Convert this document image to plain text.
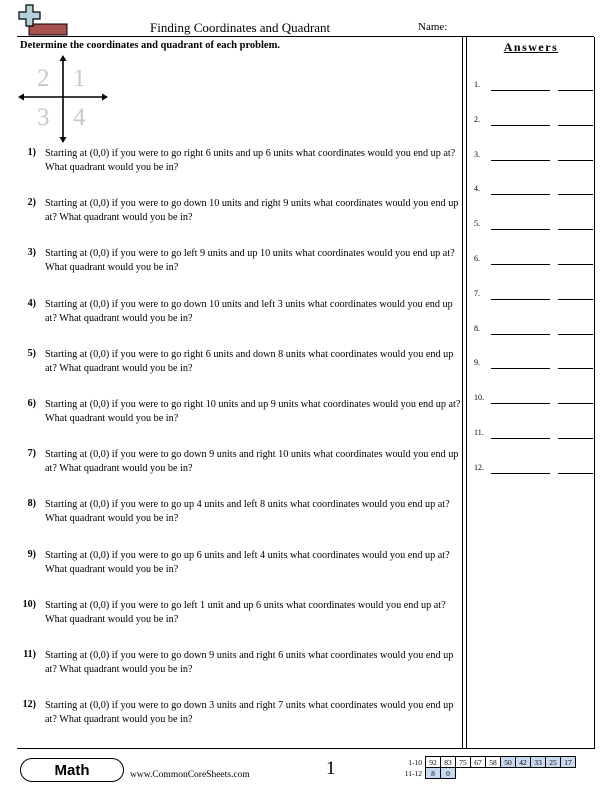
Finding Coordinates and Quadrant	Name:
Determine the coordinates and quadrant of each problem.
2 1
3 4
1) Starting at (0,0) if you were to go right 6 units and up 6 units what coordinates would you end up at? What quadrant would you be in?
2) Starting at (0,0) if you were to go down 10 units and right 9 units what coordinates would you end up at? What quadrant would you be in?
3) Starting at (0,0) if you were to go left 9 units and up 10 units what coordinates would you end up at? What quadrant would you be in?
4) Starting at (0,0) if you were to go down 10 units and left 3 units what coordinates would you end up at? What quadrant would you be in?
5) Starting at (0,0) if you were to go right 6 units and down 8 units what coordinates would you end up at? What quadrant would you be in?
6) Starting at (0,0) if you were to go right 10 units and up 9 units what coordinates would you end up at? What quadrant would you be in?
7) Starting at (0,0) if you were to go down 9 units and right 10 units what coordinates would you end up at? What quadrant would you be in?
8) Starting at (0,0) if you were to go up 4 units and left 8 units what coordinates would you end up at? What quadrant would you be in?
9) Starting at (0,0) if you were to go up 6 units and left 4 units what coordinates would you end up at? What quadrant would you be in?
10) Starting at (0,0) if you were to go left 1 unit and up 6 units what coordinates would you end up at? What quadrant would you be in?
11) Starting at (0,0) if you were to go down 9 units and right 6 units what coordinates would you end up at? What quadrant would you be in?
12) Starting at (0,0) if you were to go down 3 units and right 7 units what coordinates would you end up at? What quadrant would you be in?
Answers
1.
2.
3.
4.
5.
6.
7.
8.
9.
10.
11.
12.
Math	www.CommonCoreSheets.com	1	1-10	92	83	75	67	58	50	42	33	25	17
11-12	8	0								
